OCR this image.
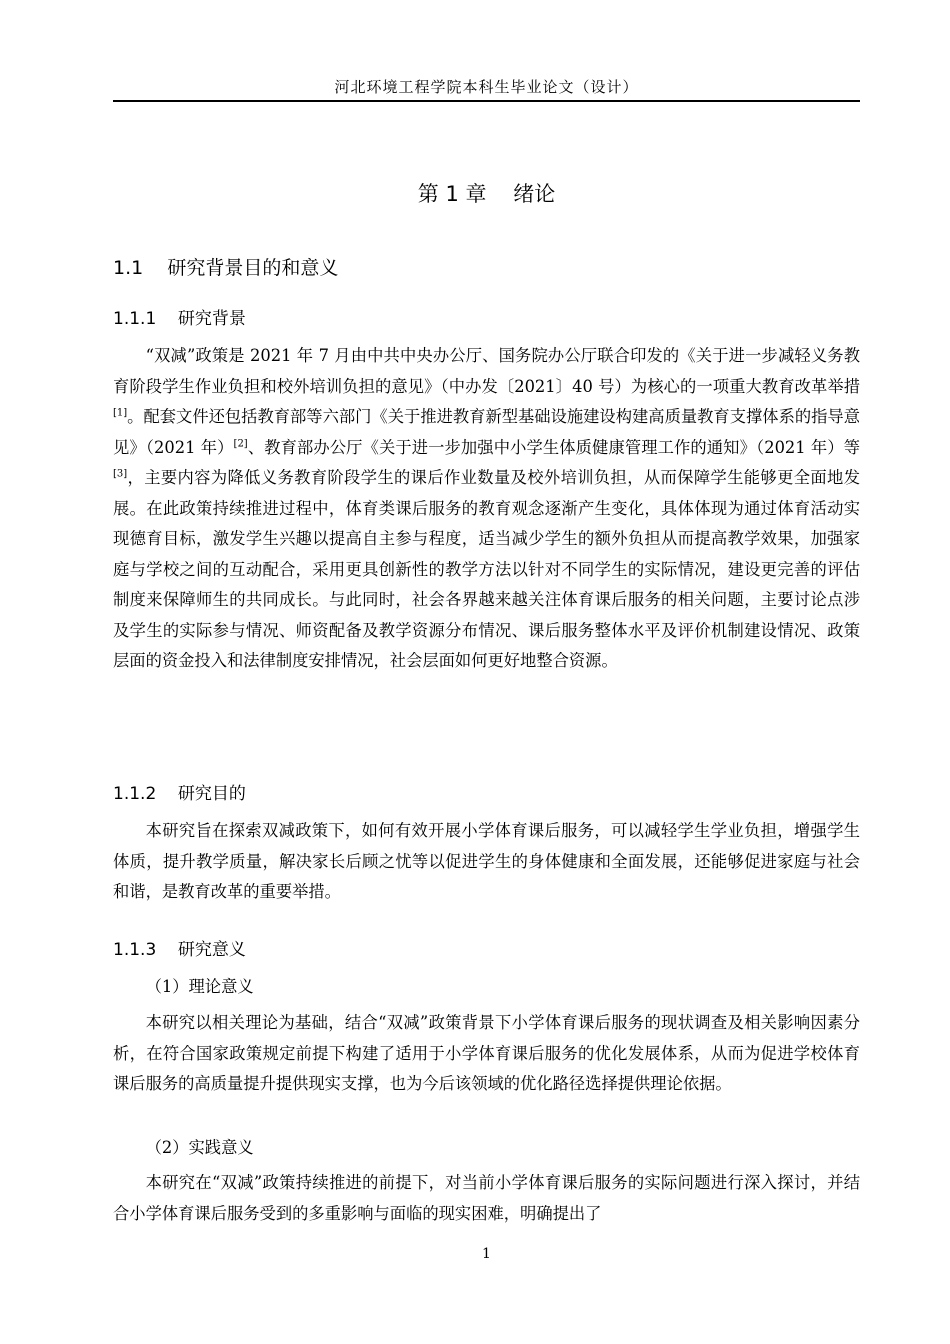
河北环境工程学院本科生毕业论文（设计）
第 1 章    绪论
1.1    研究背景目的和意义
1.1.1    研究背景

“双减”政策是 2021 年 7 月由中共中央办公厅、国务院办公厅联合印发的《关于进一步减轻义务教育阶段学生作业负担和校外培训负担的意见》（中办发〔2021〕40 号）为核心的一项重大教育改革举措[1]。配套文件还包括教育部等六部门《关于推进教育新型基础设施建设构建高质量教育支撑体系的指导意见》（2021 年）[2]、教育部办公厅《关于进一步加强中小学生体质健康管理工作的通知》（2021 年）等[3]，主要内容为降低义务教育阶段学生的课后作业数量及校外培训负担，从而保障学生能够更全面地发展。在此政策持续推进过程中，体育类课后服务的教育观念逐渐产生变化，具体体现为通过体育活动实现德育目标，激发学生兴趣以提高自主参与程度，适当减少学生的额外负担从而提高教学效果，加强家庭与学校之间的互动配合，采用更具创新性的教学方法以针对不同学生的实际情况，建设更完善的评估制度来保障师生的共同成长。与此同时，社会各界越来越关注体育课后服务的相关问题，主要讨论点涉及学生的实际参与情况、师资配备及教学资源分布情况、课后服务整体水平及评价机制建设情况、政策层面的资金投入和法律制度安排情况，社会层面如何更好地整合资源。

1.1.2    研究目的

本研究旨在探索双减政策下，如何有效开展小学体育课后服务，可以减轻学生学业负担，增强学生体质，提升教学质量，解决家长后顾之忧等以促进学生的身体健康和全面发展，还能够促进家庭与社会和谐，是教育改革的重要举措。

1.1.3    研究意义
（1）理论意义

本研究以相关理论为基础，结合“双减”政策背景下小学体育课后服务的现状调查及相关影响因素分析，在符合国家政策规定前提下构建了适用于小学体育课后服务的优化发展体系，从而为促进学校体育课后服务的高质量提升提供现实支撑，也为今后该领域的优化路径选择提供理论依据。

（2）实践意义

本研究在“双减”政策持续推进的前提下，对当前小学体育课后服务的实际问题进行深入探讨，并结合小学体育课后服务受到的多重影响与面临的现实困难，明确提出了

1
